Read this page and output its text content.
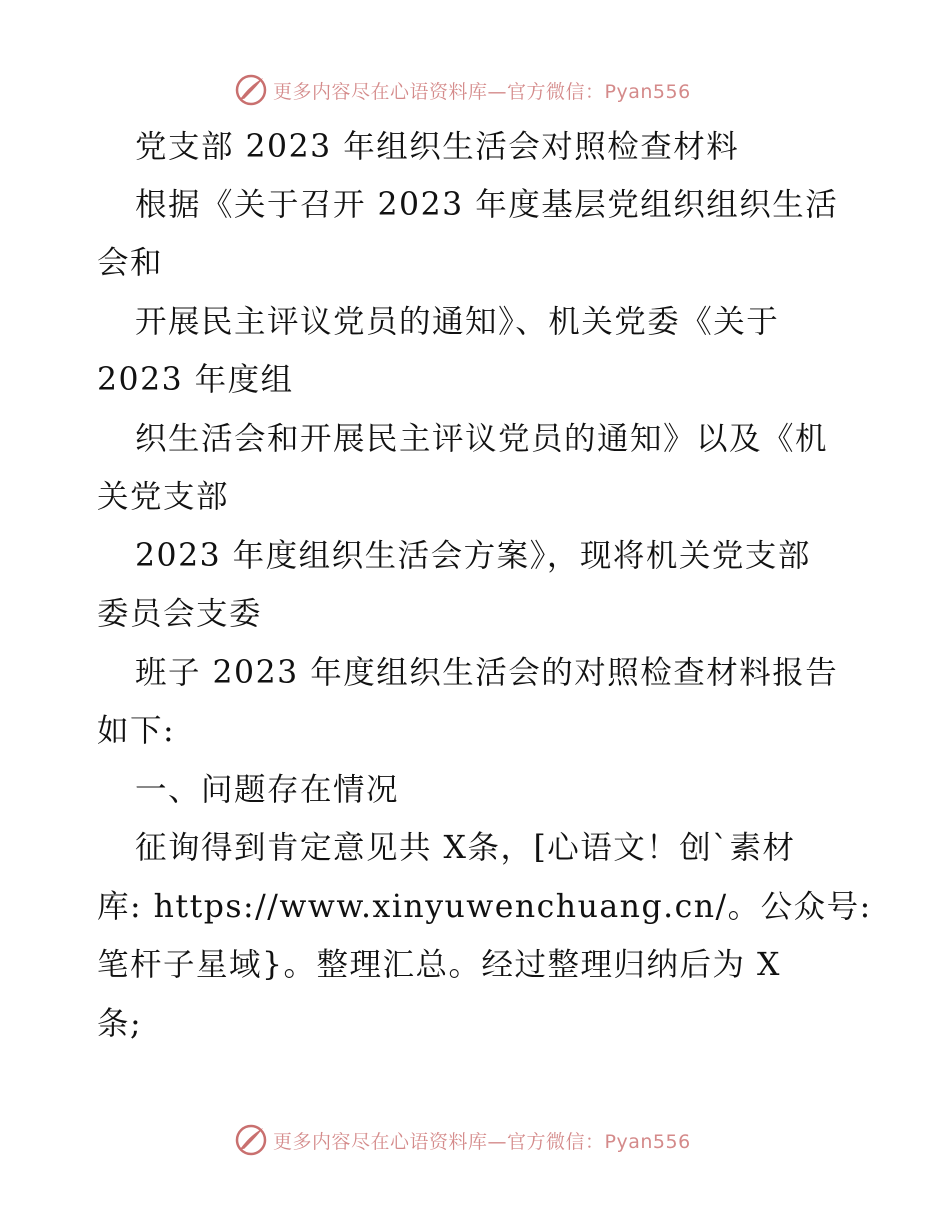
更多内容尽在心语资料库—官方微信：Pyan556
党支部 2023 年组织生活会对照检查材料
根据《关于召开 2023 年度基层党组织组织生活
会和
开展民主评议党员的通知》、机关党委《关于
2023 年度组
织生活会和开展民主评议党员的通知》以及《机
关党支部
2023 年度组织生活会方案》，现将机关党支部
委员会支委
班子 2023 年度组织生活会的对照检查材料报告
如下:
一、问题存在情况
征询得到肯定意见共 X条，[心语文！创`素材
库: https://www.xinyuwenchuang.cn/。公众号:
笔杆子星域}。整理汇总。经过整理归纳后为 X
条;
更多内容尽在心语资料库—官方微信：Pyan556
